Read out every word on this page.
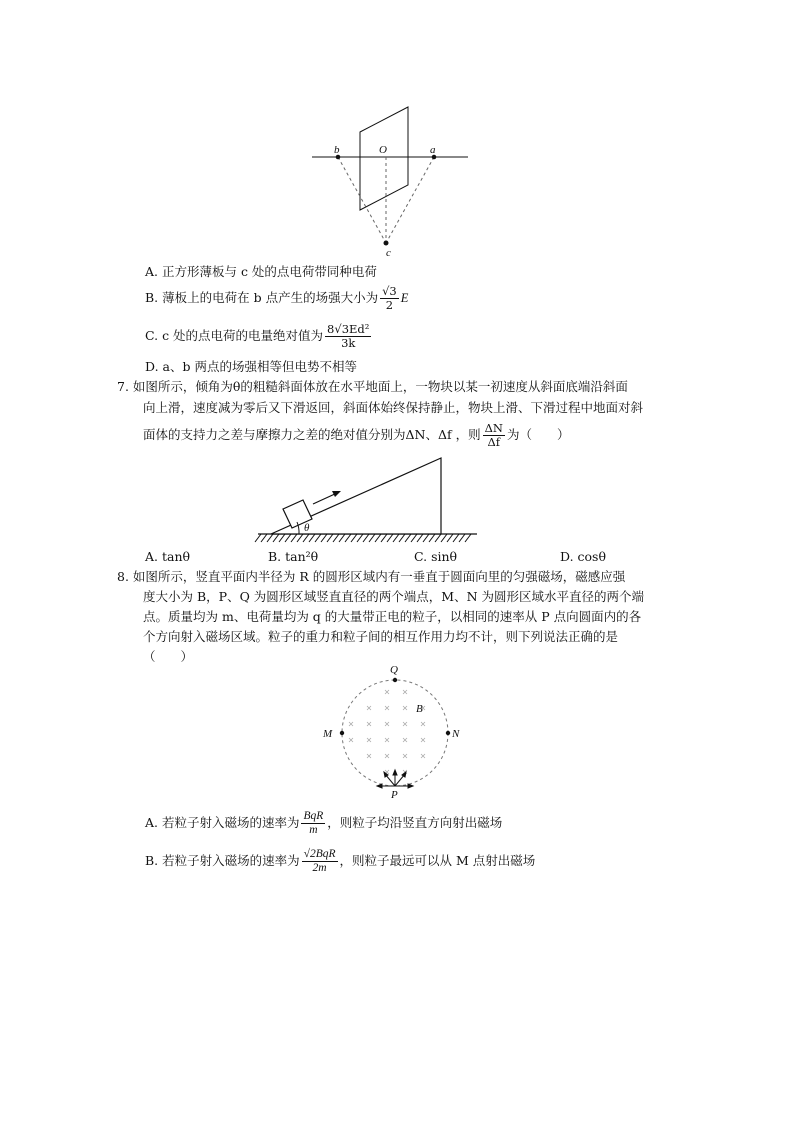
b	O	a
c
A. 正方形薄板与 c 处的点电荷带同种电荷
B. 薄板上的电荷在 b 点产生的场强大小为 $\frac{√3}{2}$ E
C. c 处的点电荷的电量绝对值为 $\frac{\text{8√3Ed²}}{3k}$
D. a、b 两点的场强相等但电势不相等
7. 如图所示，倾角为θ的粗糙斜面体放在水平地面上，一物块以某一初速度从斜面底端沿斜面
向上滑，速度减为零后又下滑返回，斜面体始终保持静止，物块上滑、下滑过程中地面对斜
面体的支持力之差与摩擦力之差的绝对值分别为ΔN、Δf ，则 $\frac{\Delta N}{\Delta f}$ 为（　　）
θ
A. tanθ	B. tan²θ	C. sinθ	D. cosθ
8. 如图所示，竖直平面内半径为 R 的圆形区域内有一垂直于圆面向里的匀强磁场，磁感应强
度大小为 B，P、Q 为圆形区域竖直直径的两个端点，M、N 为圆形区域水平直径的两个端
点。质量均为 m、电荷量均为 q 的大量带正电的粒子，以相同的速率从 P 点向圆面内的各
个方向射入磁场区域。粒子的重力和粒子间的相互作用力均不计，则下列说法正确的是
（　　）
Q
B
M	N
P
A. 若粒子射入磁场的速率为 $\frac{\text{BqR}}{m}$ ，则粒子均沿竖直方向射出磁场
B. 若粒子射入磁场的速率为 $\frac{\text{√2BqR}}{2m}$ ，则粒子最远可以从 M 点射出磁场
